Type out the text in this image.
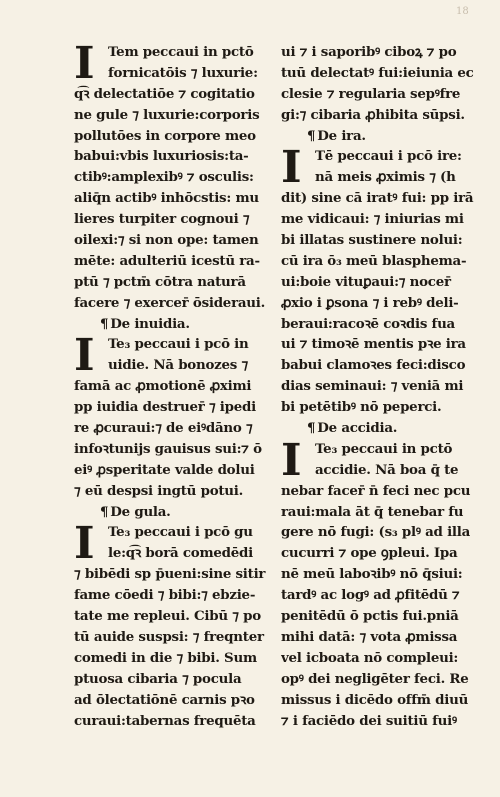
18
I	Tem peccaui in pctō
fornicatōis ⁊ luxurie:
q͡ꝛ delectatiōe ⁊ cogitatio
ne gule ⁊ luxurie:corporis
pollutōes in corpore meo
babui:vbis luxuriosis:ta-
ctibꝰ:amplexibꝰ ⁊ osculis:
aliq̄n actibꝰ inhōcstis: mu
lieres turpiter cognoui ⁊
oilexi:⁊ si non ope: tamen
mēte: adulteriū icestū ra-
ptū ⁊ pctm̄ cōtra naturā
facere ⁊ exercer̄ ōsideraui.
¶ De inuidia.
I	Te₃ peccaui i pcō in
uidie. Nā bonozes ⁊
famā ac ꝓmotionē ꝓximi
pp iuidia destruer̄ ⁊ ipedi
re ꝓcuraui:⁊ de eiꝰdāno ⁊
infoꝛtunijs gauisus sui:⁊ ō
eiꝰ ꝓsperitate valde dolui
⁊ eū despsi ingtū potui.
¶ De gula.
I	Te₃ peccaui i pcō gu
le:q͡ꝛ borā comedēdi
⁊ bibēdi sp p̄ueni:sine sitir
fame cōedi ⁊ bibi:⁊ ebzie-
tate me repleui. Cibū ⁊ po
tū auide suspsi: ⁊ freqnter
comedi in die ⁊ bibi. Sum
ptuosa cibaria ⁊ pocula
ad ōlectatiōnē carnis pꝛo
curaui:tabernas frequēta
ui ⁊ i saporibꝰ ciboꝝ ⁊ po
tuū delectatꝰ fui:ieiunia ec
clesie ⁊ regularia sepꝰfre
gi:⁊ cibaria ꝓhibita sūpsi.
¶ De ira.
I	Tē peccaui i pcō ire:
nā meis ꝓximis ⁊ (h
dit) sine cā iratꝰ fui: pp irā
me vidicaui: ⁊ iniurias mi
bi illatas sustinere nolui:
cū ira ō₃ meū blasphema-
ui:boie vituꝑaui:⁊ nocer̄
ꝓxio i ꝑsona ⁊ i rebꝰ deli-
beraui:racoꝛē coꝛdis fua
ui ⁊ timoꝛē mentis pꝛe ira
babui clamoꝛes feci:disco
dias seminaui: ⁊ veniā mi
bi petētibꝰ nō peperci.
¶ De accidia.
I	Te₃ peccaui in pctō
accidie. Nā boa q̄ te
nebar facer̄ n̄ feci nec pcu
raui:mala āt q̄ tenebar fu
gere nō fugi: (s₃ plꝰ ad illa
cucurri ⁊ ope ꝯpleui. Ipa
nē meū laboꝛibꝰ nō q̄siui:
tardꝰ ac logꝰ ad ꝓfitēdū ⁊
penitēdū ō pctis fui.pniā
mihi datā: ⁊ vota ꝓmissa
vel icboata nō compleui:
opꝰ dei negligēter feci. Re
missus i dicēdo offm̄ diuū
⁊ i faciēdo dei suitiū fuiꝰ
